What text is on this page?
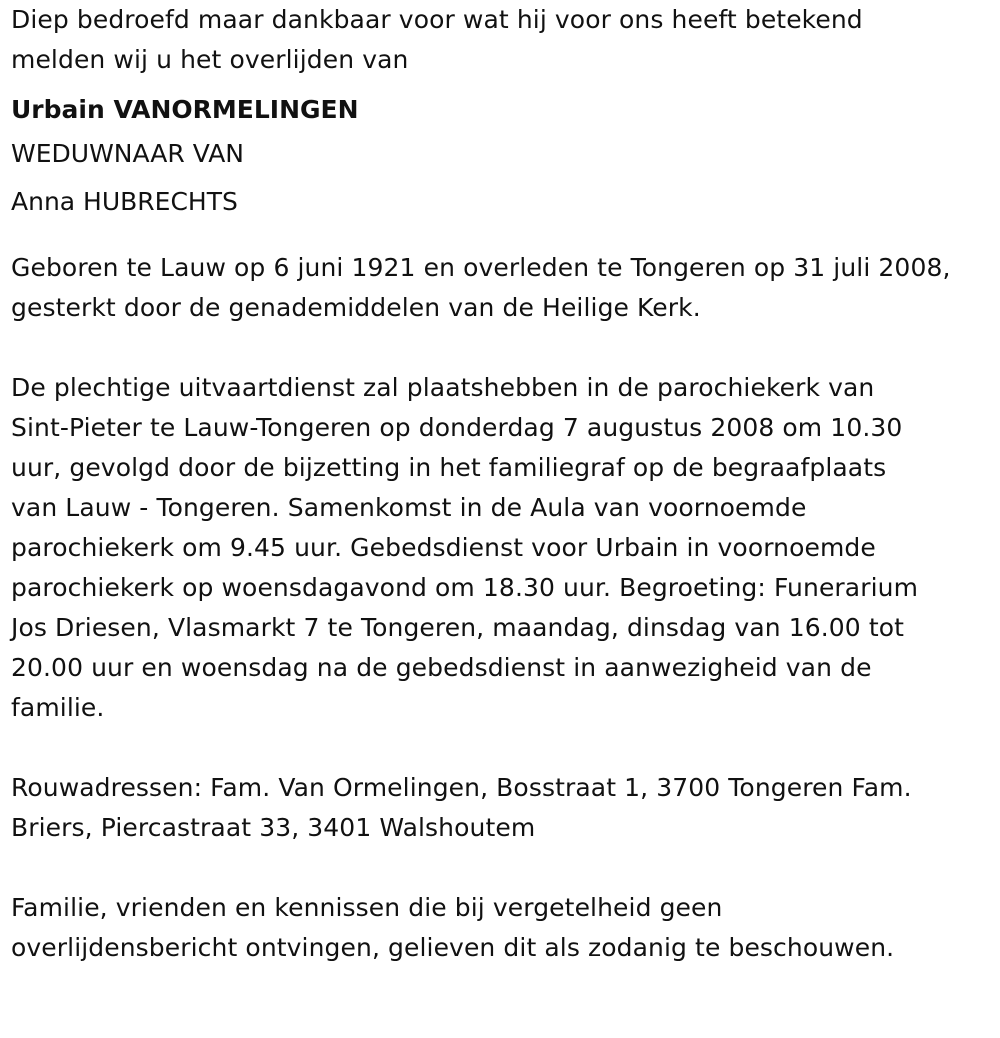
Diep bedroefd maar dankbaar voor wat hij voor ons heeft betekend
melden wij u het overlijden van
Urbain VANORMELINGEN
WEDUWNAAR VAN
Anna HUBRECHTS
Geboren te Lauw op 6 juni 1921 en overleden te Tongeren op 31 juli 2008,
gesterkt door de genademiddelen van de Heilige Kerk.
De plechtige uitvaartdienst zal plaatshebben in de parochiekerk van
Sint-Pieter te Lauw-Tongeren op donderdag 7 augustus 2008 om 10.30
uur, gevolgd door de bijzetting in het familiegraf op de begraafplaats
van Lauw - Tongeren. Samenkomst in de Aula van voornoemde
parochiekerk om 9.45 uur. Gebedsdienst voor Urbain in voornoemde
parochiekerk op woensdagavond om 18.30 uur. Begroeting: Funerarium
Jos Driesen, Vlasmarkt 7 te Tongeren, maandag, dinsdag van 16.00 tot
20.00 uur en woensdag na de gebedsdienst in aanwezigheid van de
familie.
Rouwadressen: Fam. Van Ormelingen, Bosstraat 1, 3700 Tongeren Fam.
Briers, Piercastraat 33, 3401 Walshoutem
Familie, vrienden en kennissen die bij vergetelheid geen
overlijdensbericht ontvingen, gelieven dit als zodanig te beschouwen.
